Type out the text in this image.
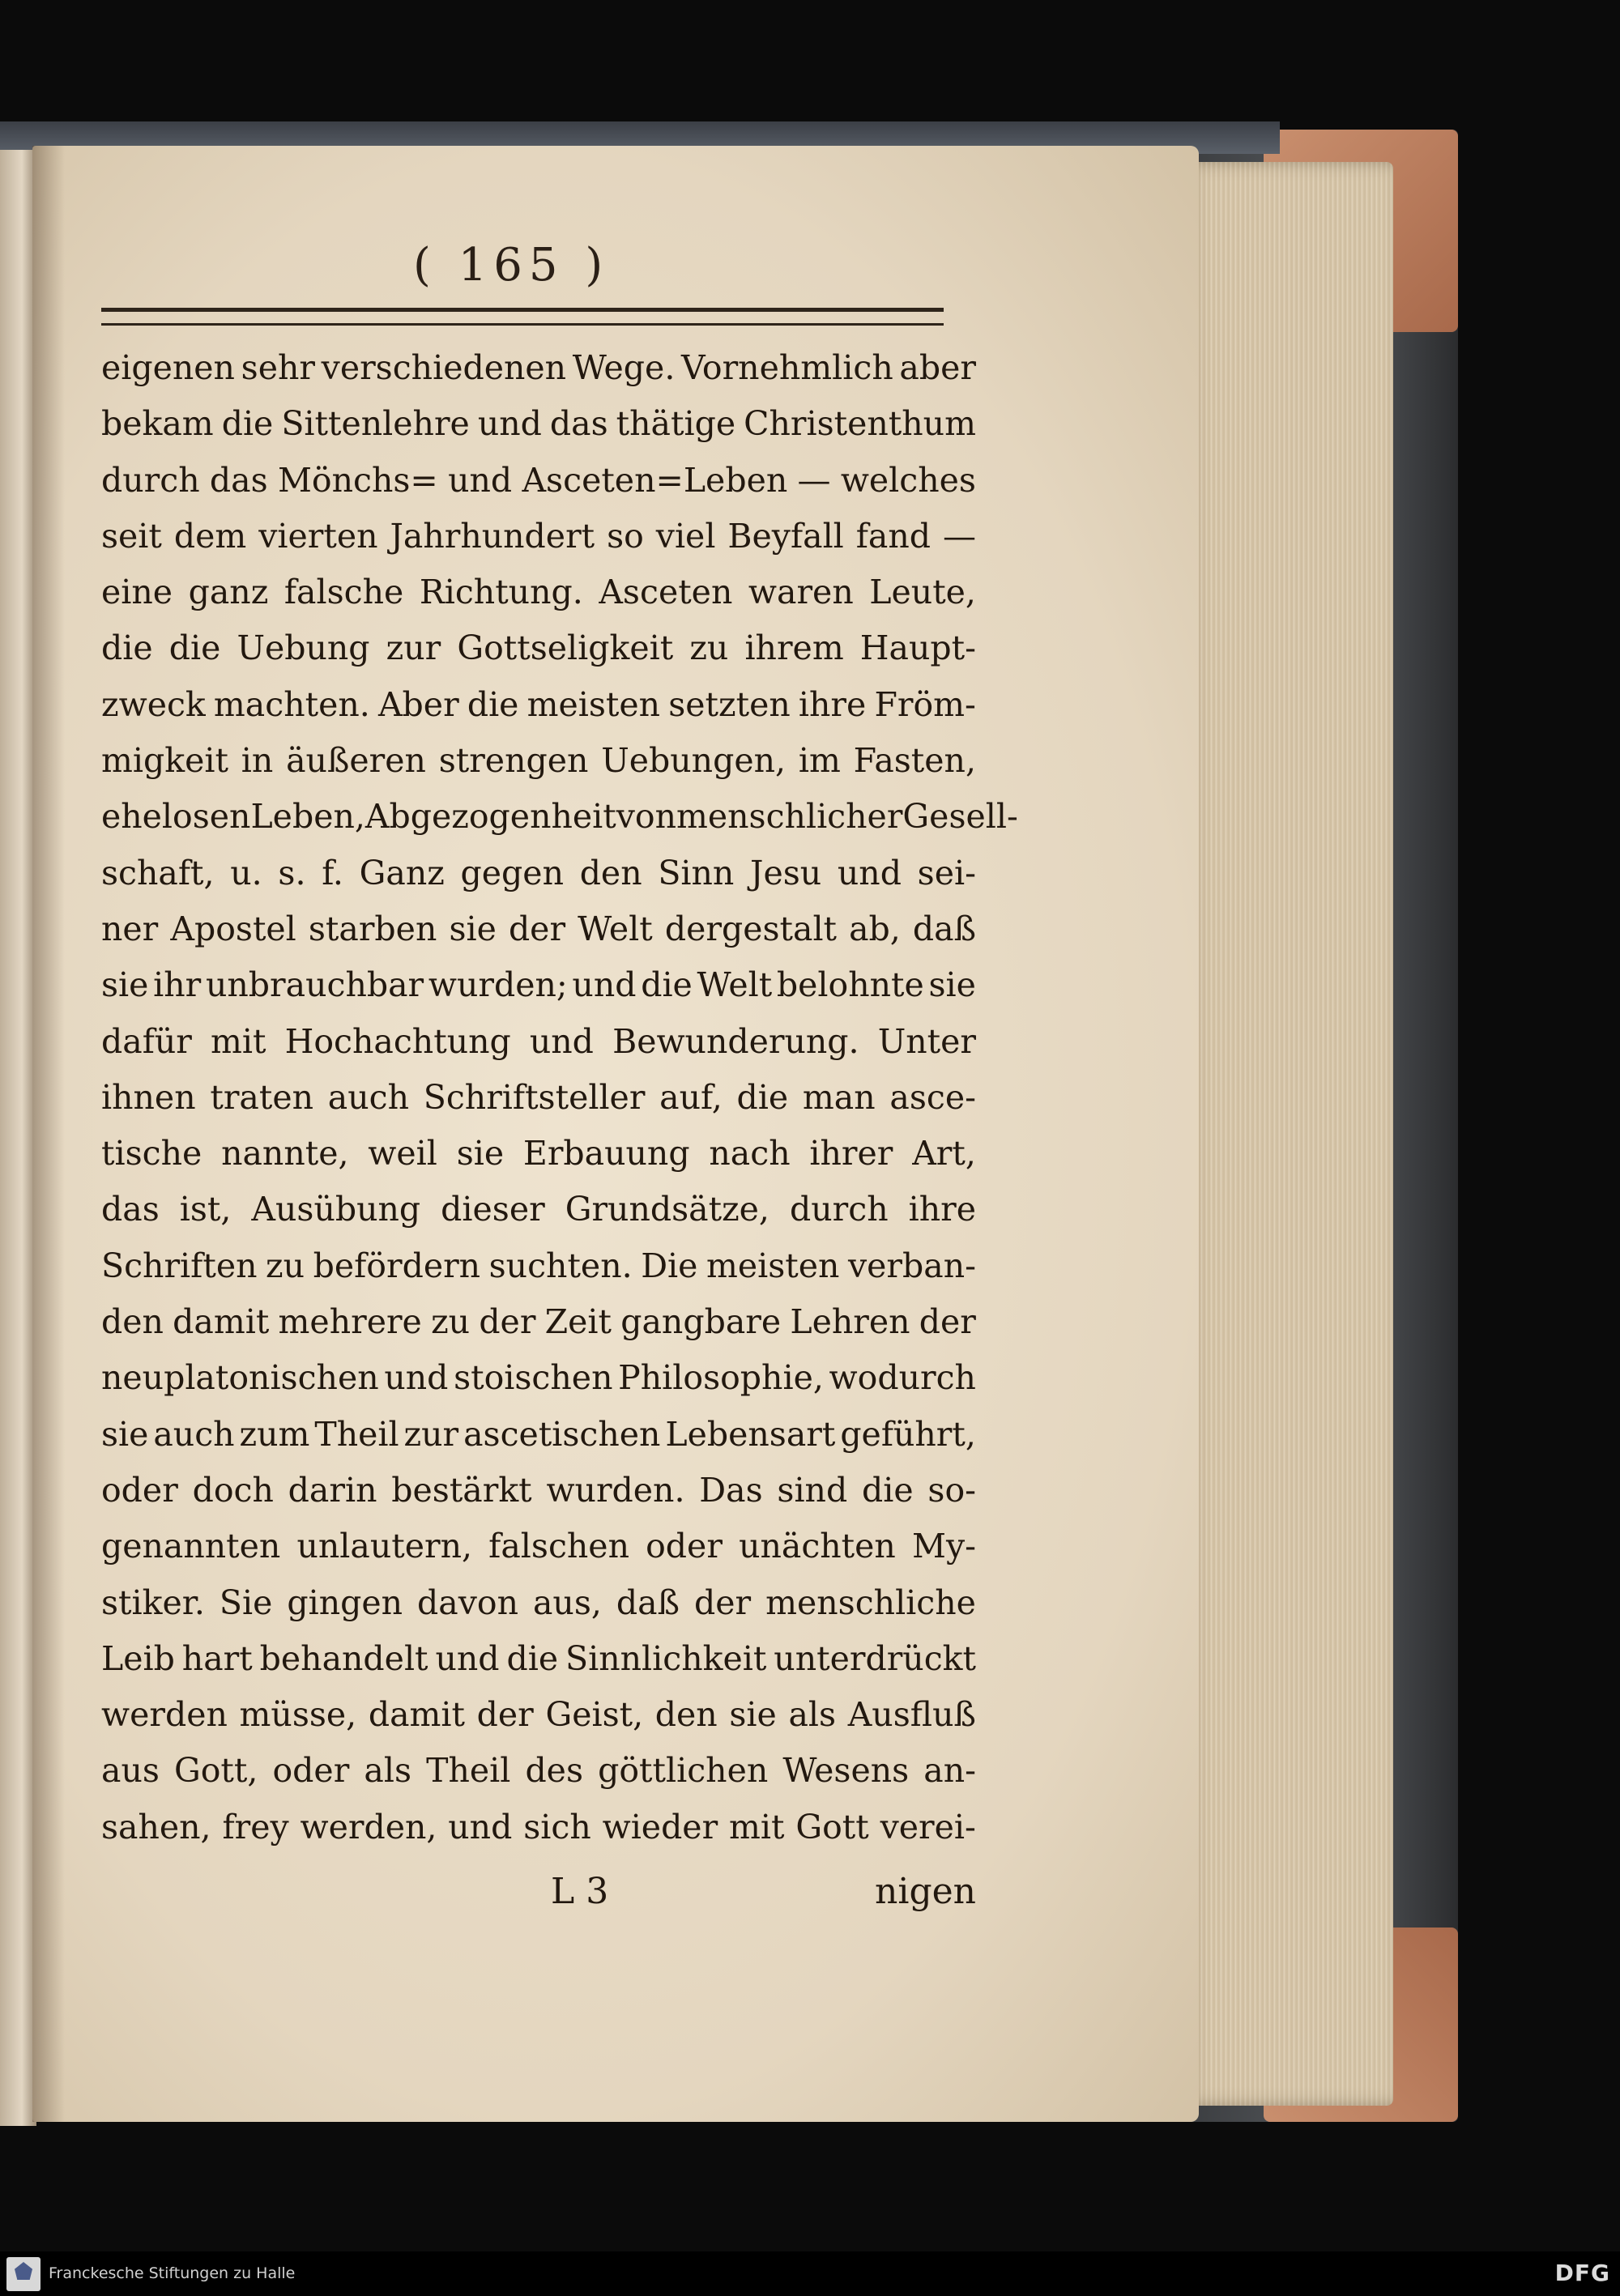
( 165 )
eigenen sehr verschiedenen Wege. Vornehmlich aber
bekam die Sittenlehre und das thätige Christenthum
durch das Mönchs= und Asceten=Leben — welches
seit dem vierten Jahrhundert so viel Beyfall fand —
eine ganz falsche Richtung. Asceten waren Leute,
die die Uebung zur Gottseligkeit zu ihrem Haupt-
zweck machten. Aber die meisten setzten ihre Fröm-
migkeit in äußeren strengen Uebungen, im Fasten,
ehelosen Leben, Abgezogenheit von menschlicher Gesell-
schaft, u. s. f. Ganz gegen den Sinn Jesu und sei-
ner Apostel starben sie der Welt dergestalt ab, daß
sie ihr unbrauchbar wurden; und die Welt belohnte sie
dafür mit Hochachtung und Bewunderung. Unter
ihnen traten auch Schriftsteller auf, die man asce-
tische nannte, weil sie Erbauung nach ihrer Art,
das ist, Ausübung dieser Grundsätze, durch ihre
Schriften zu befördern suchten. Die meisten verban-
den damit mehrere zu der Zeit gangbare Lehren der
neuplatonischen und stoischen Philosophie, wodurch
sie auch zum Theil zur ascetischen Lebensart geführt,
oder doch darin bestärkt wurden. Das sind die so-
genannten unlautern, falschen oder unächten My-
stiker. Sie gingen davon aus, daß der menschliche
Leib hart behandelt und die Sinnlichkeit unterdrückt
werden müsse, damit der Geist, den sie als Ausfluß
aus Gott, oder als Theil des göttlichen Wesens an-
sahen, frey werden, und sich wieder mit Gott verei-
L 3	nigen
Franckesche Stiftungen zu Halle	DFG
